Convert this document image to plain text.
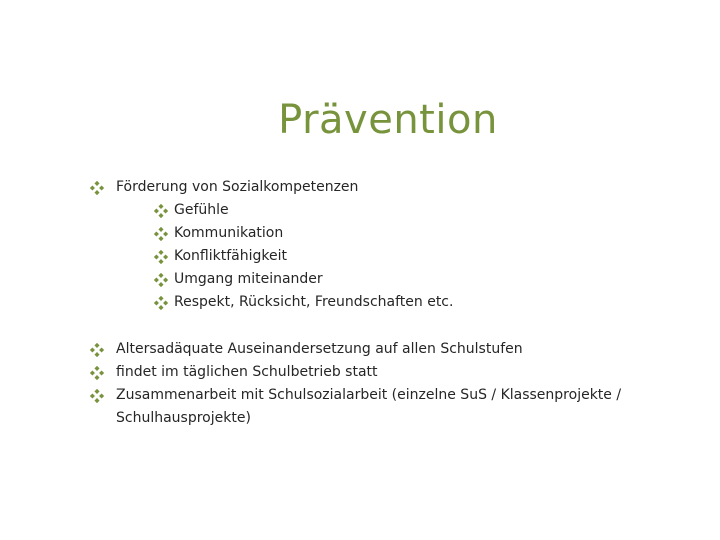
Prävention
Förderung von Sozialkompetenzen
Gefühle
Kommunikation
Konfliktfähigkeit
Umgang miteinander
Respekt, Rücksicht, Freundschaften etc.
Altersadäquate Auseinandersetzung auf allen Schulstufen
findet im täglichen Schulbetrieb statt
Zusammenarbeit mit Schulsozialarbeit (einzelne SuS / Klassenprojekte /
Schulhausprojekte)
